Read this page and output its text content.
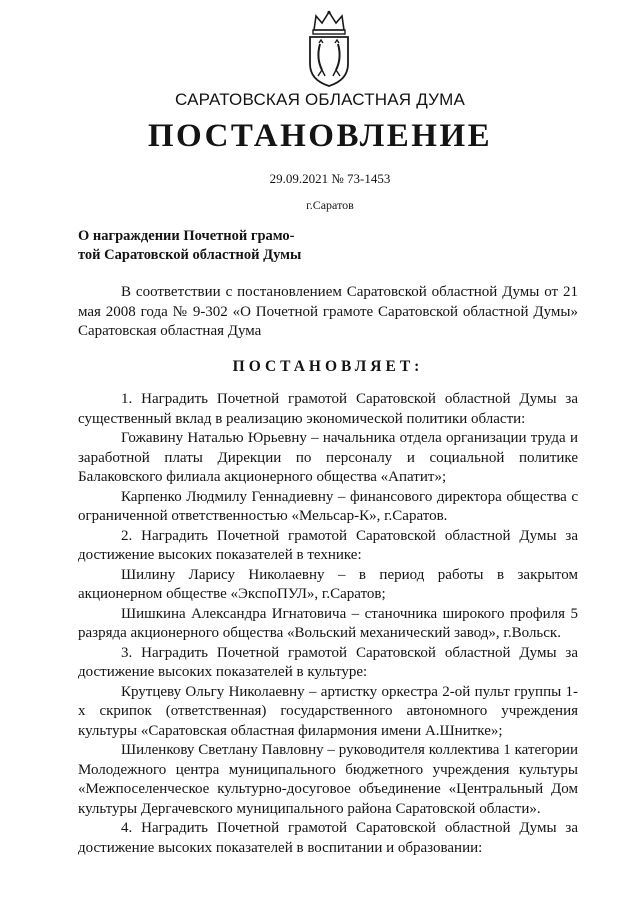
САРАТОВСКАЯ ОБЛАСТНАЯ ДУМА
ПОСТАНОВЛЕНИЕ
29.09.2021 № 73-1453
г.Саратов
О награждении Почетной грамо-
той Саратовской областной Думы

В соответствии с постановлением Саратовской областной Думы от 21 мая 2008 года № 9-302 «О Почетной грамоте Саратовской областной Думы» Саратовская областная Дума

ПОСТАНОВЛЯЕТ:

1. Наградить Почетной грамотой Саратовской областной Думы за существенный вклад в реализацию экономической политики области:

Гожавину Наталью Юрьевну – начальника отдела организации труда и заработной платы Дирекции по персоналу и социальной политике Балаковского филиала акционерного общества «Апатит»;

Карпенко Людмилу Геннадиевну – финансового директора общества с ограниченной ответственностью «Мельсар-К», г.Саратов.

2. Наградить Почетной грамотой Саратовской областной Думы за достижение высоких показателей в технике:

Шилину Ларису Николаевну – в период работы в закрытом акционерном обществе «ЭкспоПУЛ», г.Саратов;

Шишкина Александра Игнатовича – станочника широкого профиля 5 разряда акционерного общества «Вольский механический завод», г.Вольск.

3. Наградить Почетной грамотой Саратовской областной Думы за достижение высоких показателей в культуре:

Крутцеву Ольгу Николаевну – артистку оркестра 2-ой пульт группы 1-х скрипок (ответственная) государственного автономного учреждения культуры «Саратовская областная филармония имени А.Шнитке»;

Шиленкову Светлану Павловну – руководителя коллектива 1 категории Молодежного центра муниципального бюджетного учреждения культуры «Межпоселенческое культурно-досуговое объединение «Центральный Дом культуры Дергачевского муниципального района Саратовской области».

4. Наградить Почетной грамотой Саратовской областной Думы за достижение высоких показателей в воспитании и образовании:
